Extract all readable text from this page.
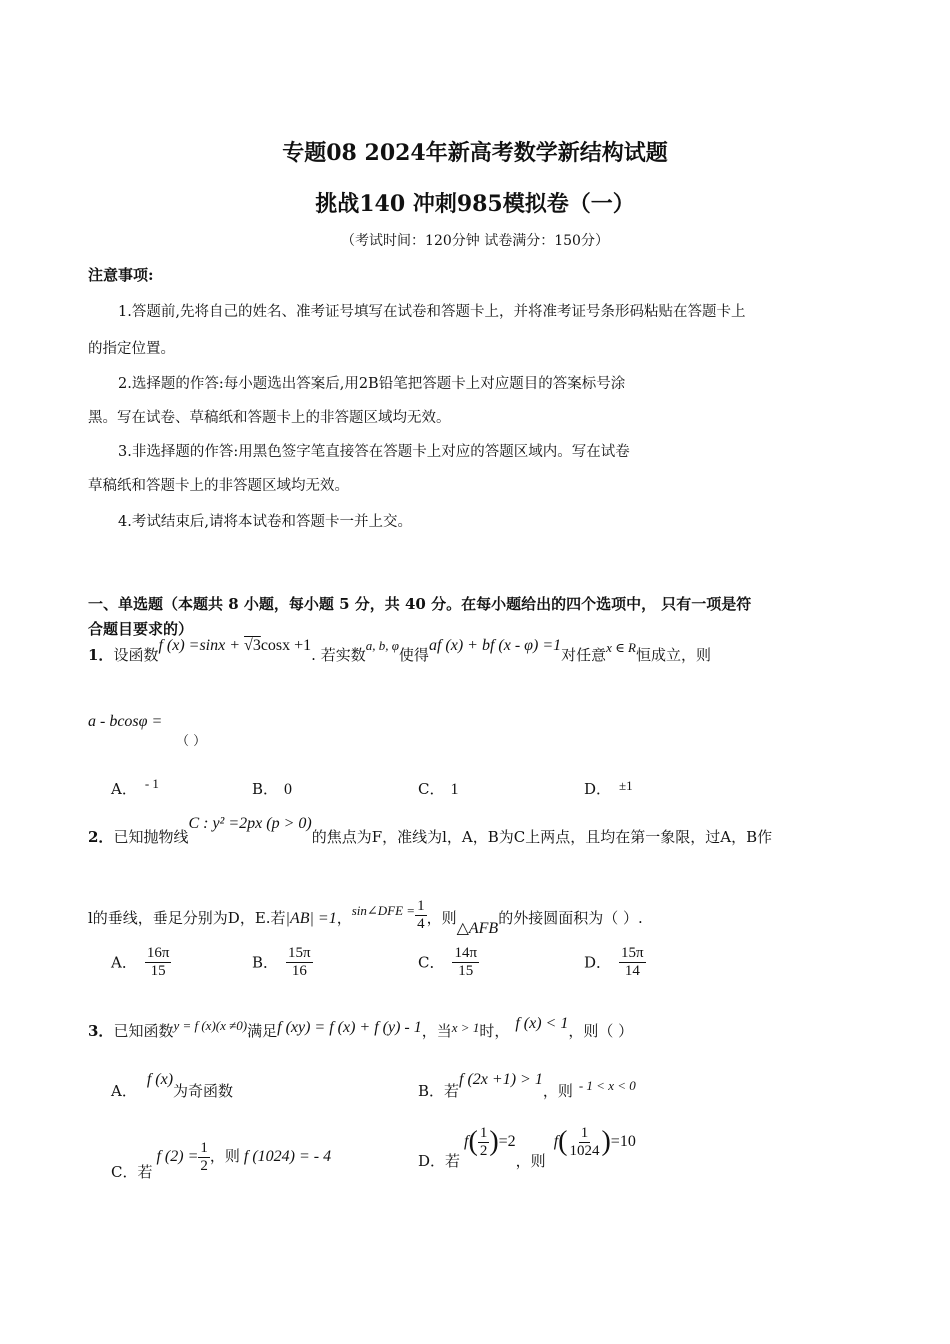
专题08 2024年新高考数学新结构试题
挑战140 冲刺985模拟卷（一）
（考试时间：120分钟 试卷满分：150分）
注意事项:
1.答题前,先将自己的姓名、准考证号填写在试卷和答题卡上，并将准考证号条形码粘贴在答题卡上
的指定位置。
2.选择题的作答:每小题选出答案后,用2B铅笔把答题卡上对应题目的答案标号涂
黑。写在试卷、草稿纸和答题卡上的非答题区域均无效。
3.非选择题的作答:用黑色签字笔直接答在答题卡上对应的答题区域内。写在试卷
草稿纸和答题卡上的非答题区域均无效。
4.考试结束后,请将本试卷和答题卡一并上交。
一、单选题（本题共 8 小题，每小题 5 分，共 40 分。在每小题给出的四个选项中， 只有一项是符
合题目要求的）
1．设函数f (x) =sinx + √3cosx +1. 若实数a, b, φ使得af (x) + bf (x - φ) =1对任意x ∈ R恒成立，则
a - bcosφ =
（ ）
A． - 1	B． 0	C． 1	D． ±1
2．已知抛物线C : y² =2px (p > 0)的焦点为F，准线为l，A，B为C上两点，且均在第一象限，过A，B作
l的垂线，垂足分别为D，E.若|AB| =1，sin∠DFE = $\frac{1}{4}$ ，则△AFB的外接圆面积为（ ）.
A． $\frac{16\pi}{15}$	B． $\frac{15\pi}{16}$	C． $\frac{14\pi}{15}$	D． $\frac{15\pi}{14}$
3．已知函数y = f (x)(x ≠0)满足f (xy) = f (x) + f (y) - 1，当x > 1时， f (x) < 1，则（ ）
A．f (x)为奇函数	B．若f (2x +1) > 1，则 - 1 < x < 0
C．若f $(2) = \frac{1}{2}$ ，则 f (1024) = - 4	D．若$f( \frac{1}{2} )=2$，则$f( \frac{1}{1024} )=10$
